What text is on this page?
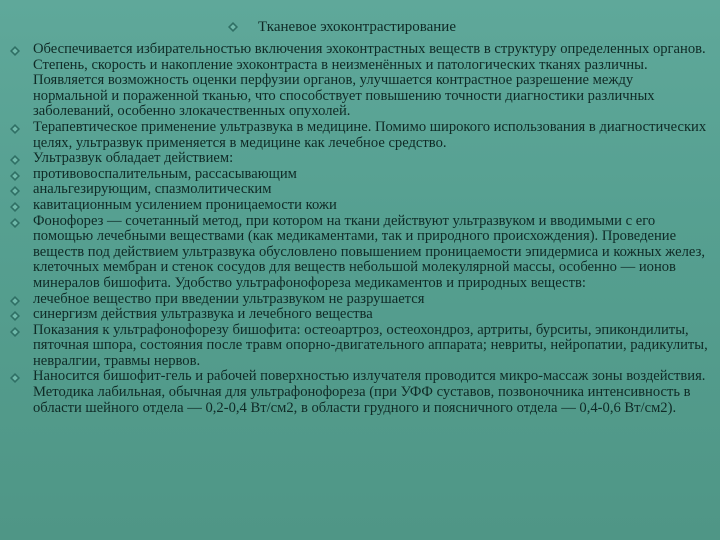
Тканевое эхоконтрастирование
Обеспечивается избирательностью включения эхоконтрастных веществ в структуру определенных органов. Степень, скорость и накопление эхоконтраста в неизменённых и патологических тканях различны. Появляется возможность оценки перфузии органов, улучшается контрастное разрешение между нормальной и пораженной тканью, что способствует повышению точности диагностики различных заболеваний, особенно злокачественных опухолей.
Терапевтическое применение ультразвука в медицине. Помимо широкого использования в диагностических целях, ультразвук применяется в медицине как лечебное средство.
Ультразвук обладает действием:
противовоспалительным, рассасывающим
анальгезирующим, спазмолитическим
кавитационным усилением проницаемости кожи
Фонофорез — сочетанный метод, при котором на ткани действуют ультразвуком и вводимыми с его помощью лечебными веществами (как медикаментами, так и природного происхождения). Проведение веществ под действием ультразвука обусловлено повышением проницаемости эпидермиса и кожных желез, клеточных мембран и стенок сосудов для веществ небольшой молекулярной массы, особенно — ионов минералов бишофита. Удобство ультрафонофореза медикаментов и природных веществ:
лечебное вещество при введении ультразвуком не разрушается
синергизм действия ультразвука и лечебного вещества
Показания к ультрафонофорезу бишофита: остеоартроз, остеохондроз, артриты, бурситы, эпикондилиты, пяточная шпора, состояния после травм опорно-двигательного аппарата; невриты, нейропатии, радикулиты, невралгии, травмы нервов.
Наносится бишофит-гель и рабочей поверхностью излучателя проводится микро-массаж зоны воздействия. Методика лабильная, обычная для ультрафонофореза (при УФФ суставов, позвоночника интенсивность в области шейного отдела — 0,2-0,4 Вт/см2, в области грудного и поясничного отдела — 0,4-0,6 Вт/см2).
